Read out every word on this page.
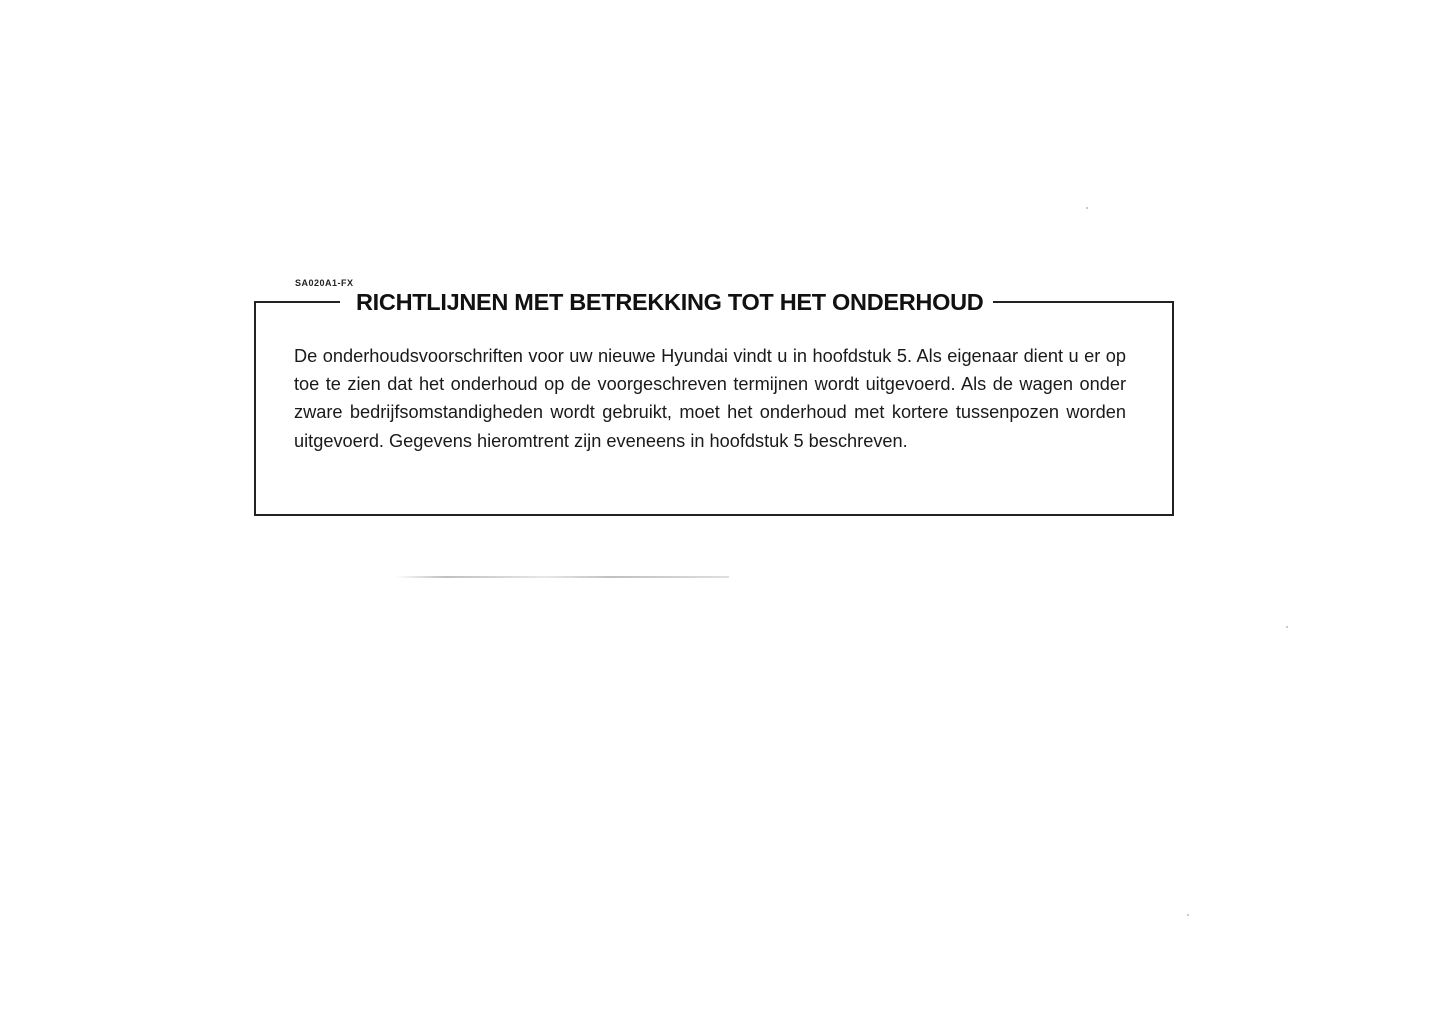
SA020A1-FX
RICHTLIJNEN MET BETREKKING TOT HET ONDERHOUD
De onderhoudsvoorschriften voor uw nieuwe Hyundai vindt u in hoofdstuk 5. Als eigenaar dient u er op toe te zien dat het onderhoud op de voorgeschreven termijnen wordt uitgevoerd. Als de wagen onder zware bedrijfsomstandigheden wordt gebruikt, moet het onderhoud met kortere tussenpozen worden uitgevoerd. Gegevens hieromtrent zijn eveneens in hoofdstuk 5 beschreven.
